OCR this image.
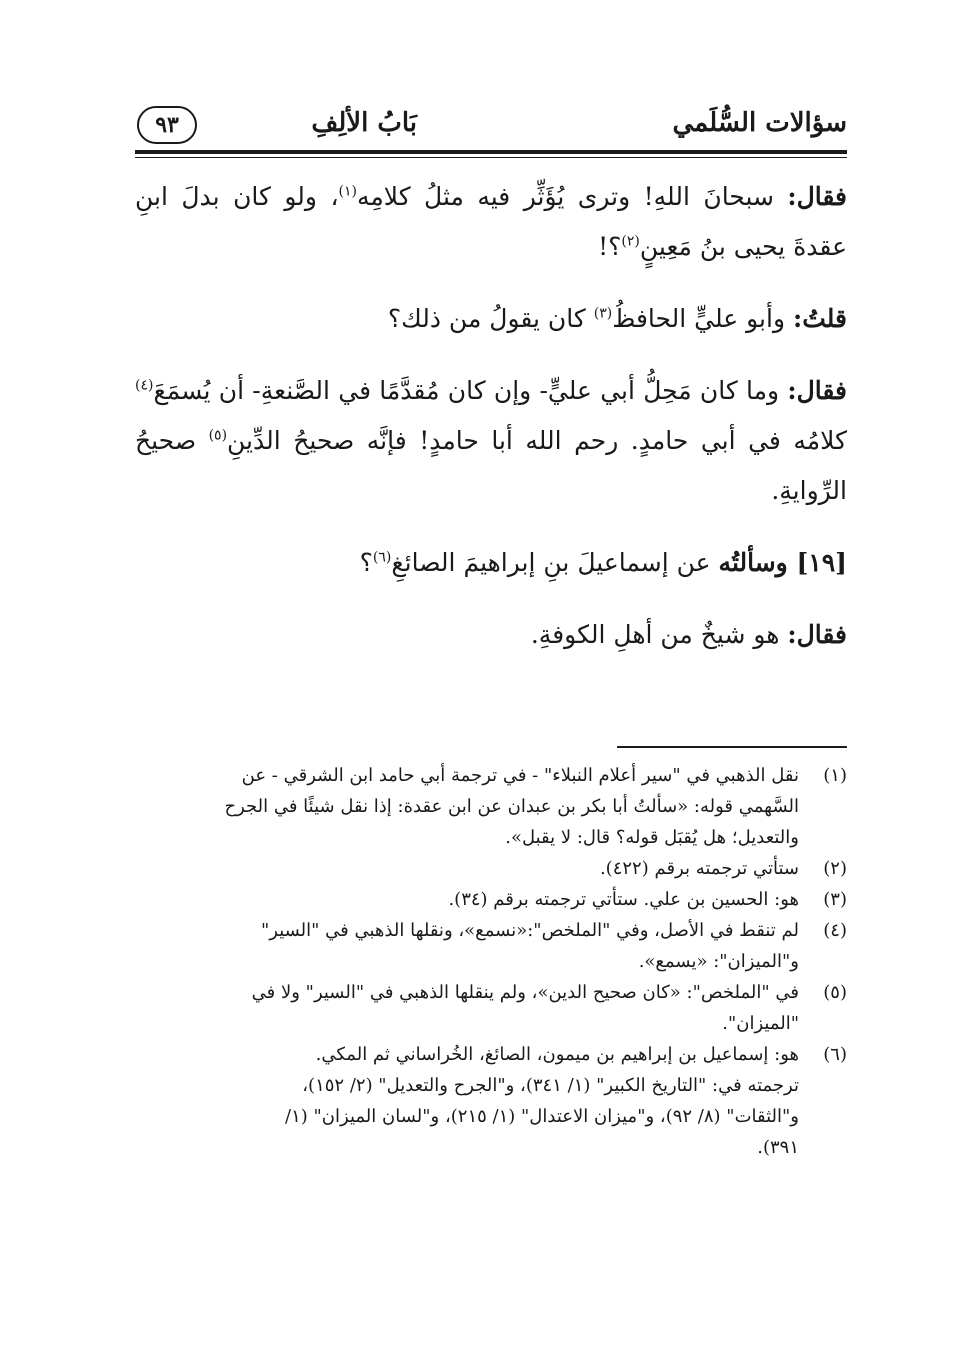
سؤالات السُّلَمي
بَابُ الألِفِ
٩٣

فقال: سبحانَ اللهِ! وترى يُؤَثِّر فيه مثلُ كلامِه$^{(١)}$، ولو كان بدلَ ابنِ عقدةَ يحيى بنُ مَعِينٍ$^{(٢)}$؟!

قلتُ: وأبو عليٍّ الحافظُ$^{(٣)}$ كان يقولُ من ذلك؟

فقال: وما كان مَحِلُّ أبي عليٍّ- وإن كان مُقدَّمًا في الصَّنعةِ- أن يُسمَعَ$^{(٤)}$ كلامُه في أبي حامدٍ. رحم الله أبا حامدٍ! فإنَّه صحيحُ الدِّينِ$^{(٥)}$ صحيحُ الرِّوايةِ.

[١٩] وسألتُه عن إسماعيلَ بنِ إبراهيمَ الصائغِ$^{(٦)}$؟

فقال: هو شيخٌ من أهلِ الكوفةِ.

(١)
نقل الذهبي في "سير أعلام النبلاء" - في ترجمة أبي حامد ابن الشرقي - عن
السَّهمي قوله: «سألتُ أبا بكر بن عبدان عن ابن عقدة: إذا نقل شيئًا في الجرح
والتعديل؛ هل يُقبَل قوله؟ قال: لا يقبل».
(٢)
ستأتي ترجمته برقم (٤٢٢).
(٣)
هو: الحسين بن علي. ستأتي ترجمته برقم (٣٤).
(٤)
لم تنقط في الأصل، وفي "الملخص":«نسمع»، ونقلها الذهبي في "السير"
و"الميزان": «يسمع».
(٥)
في "الملخص": «كان صحيح الدين»، ولم ينقلها الذهبي في "السير" ولا في
"الميزان".
(٦)
هو: إسماعيل بن إبراهيم بن ميمون، الصائغ، الخُراساني ثم المكي.
ترجمته في: "التاريخ الكبير" (١/ ٣٤١)، و"الجرح والتعديل" (٢/ ١٥٢)،
و"الثقات" (٨/ ٩٢)، و"ميزان الاعتدال" (١/ ٢١٥)، و"لسان الميزان" (١/
٣٩١).
